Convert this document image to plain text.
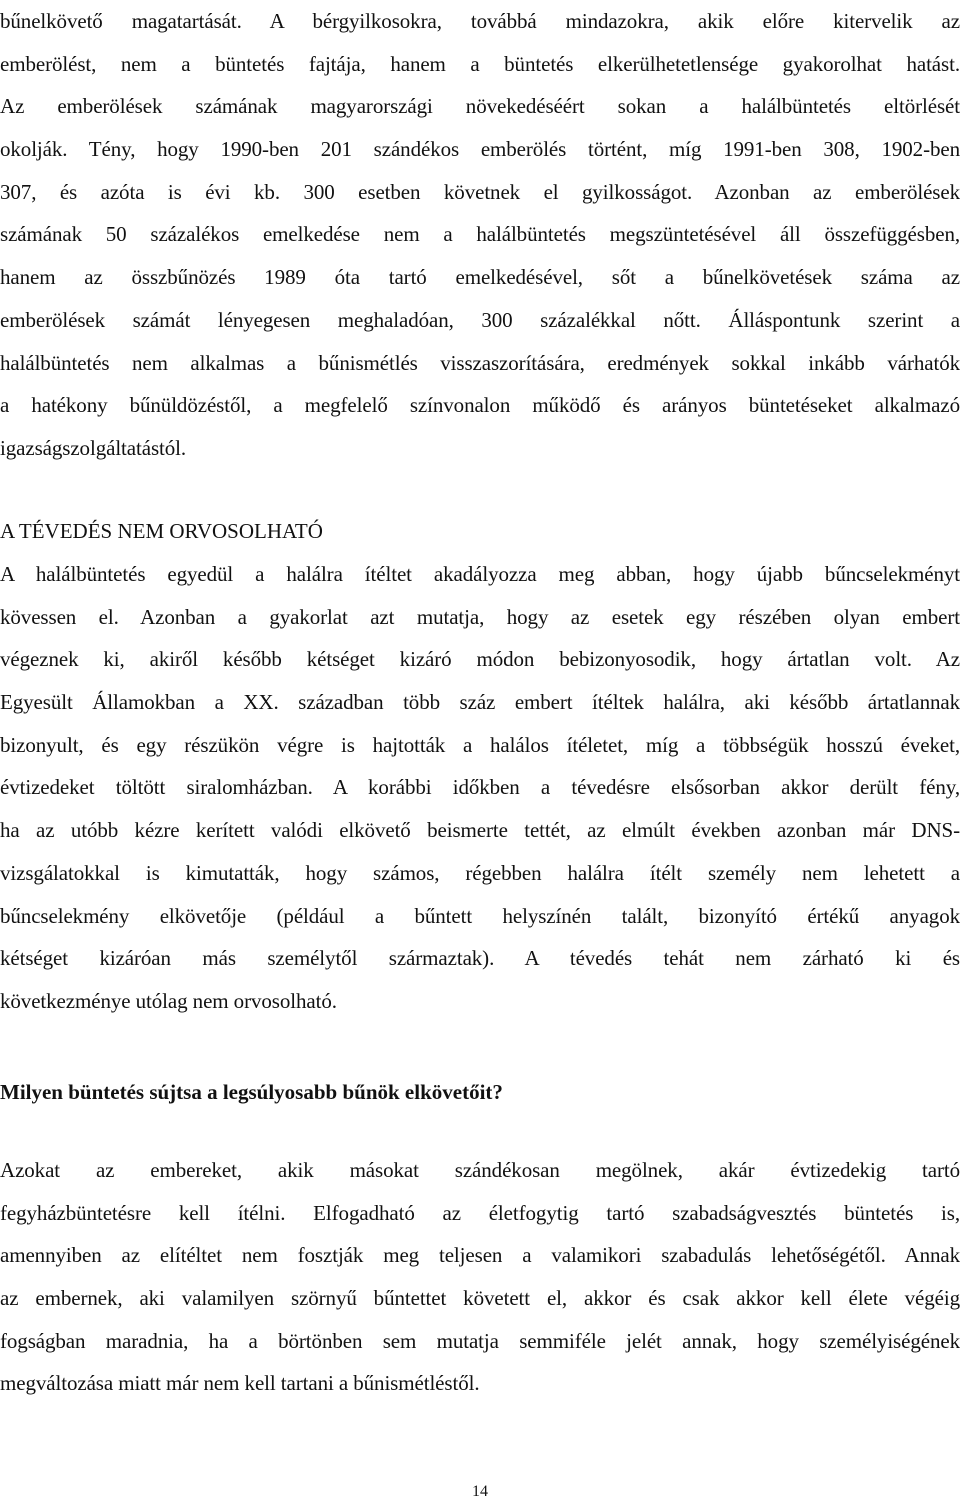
bűnelkövető magatartását. A bérgyilkosokra, továbbá mindazokra, akik előre kitervelik az
emberölést, nem a büntetés fajtája, hanem a büntetés elkerülhetetlensége gyakorolhat hatást.
Az emberölések számának magyarországi növekedéséért sokan a halálbüntetés eltörlését
okolják. Tény, hogy 1990-ben 201 szándékos emberölés történt, míg 1991-ben 308, 1902-ben
307, és azóta is évi kb. 300 esetben követnek el gyilkosságot. Azonban az emberölések
számának 50 százalékos emelkedése nem a halálbüntetés megszüntetésével áll összefüggésben,
hanem az összbűnözés 1989 óta tartó emelkedésével, sőt a bűnelkövetések száma az
emberölések számát lényegesen meghaladóan, 300 százalékkal nőtt. Álláspontunk szerint a
halálbüntetés nem alkalmas a bűnismétlés visszaszorítására, eredmények sokkal inkább várhatók
a hatékony bűnüldözéstől, a megfelelő színvonalon működő és arányos büntetéseket alkalmazó
igazságszolgáltatástól.
A TÉVEDÉS NEM ORVOSOLHATÓ
A halálbüntetés egyedül a halálra ítéltet akadályozza meg abban, hogy újabb bűncselekményt
kövessen el. Azonban a gyakorlat azt mutatja, hogy az esetek egy részében olyan embert
végeznek ki, akiről később kétséget kizáró módon bebizonyosodik, hogy ártatlan volt. Az
Egyesült Államokban a XX. században több száz embert ítéltek halálra, aki később ártatlannak
bizonyult, és egy részükön végre is hajtották a halálos ítéletet, míg a többségük hosszú éveket,
évtizedeket töltött siralomházban. A korábbi időkben a tévedésre elsősorban akkor derült fény,
ha az utóbb kézre kerített valódi elkövető beismerte tettét, az elmúlt években azonban már DNS-
vizsgálatokkal is kimutatták, hogy számos, régebben halálra ítélt személy nem lehetett a
bűncselekmény elkövetője (például a bűntett helyszínén talált, bizonyító értékű anyagok
kétséget kizáróan más személytől származtak). A tévedés tehát nem zárható ki és
következménye utólag nem orvosolható.
Milyen büntetés sújtsa a legsúlyosabb bűnök elkövetőit?
Azokat az embereket, akik másokat szándékosan megölnek, akár évtizedekig tartó
fegyházbüntetésre kell ítélni. Elfogadható az életfogytig tartó szabadságvesztés büntetés is,
amennyiben az elítéltet nem fosztják meg teljesen a valamikori szabadulás lehetőségétől. Annak
az embernek, aki valamilyen szörnyű bűntettet követett el, akkor és csak akkor kell élete végéig
fogságban maradnia, ha a börtönben sem mutatja semmiféle jelét annak, hogy személyiségének
megváltozása miatt már nem kell tartani a bűnismétléstől.
14
